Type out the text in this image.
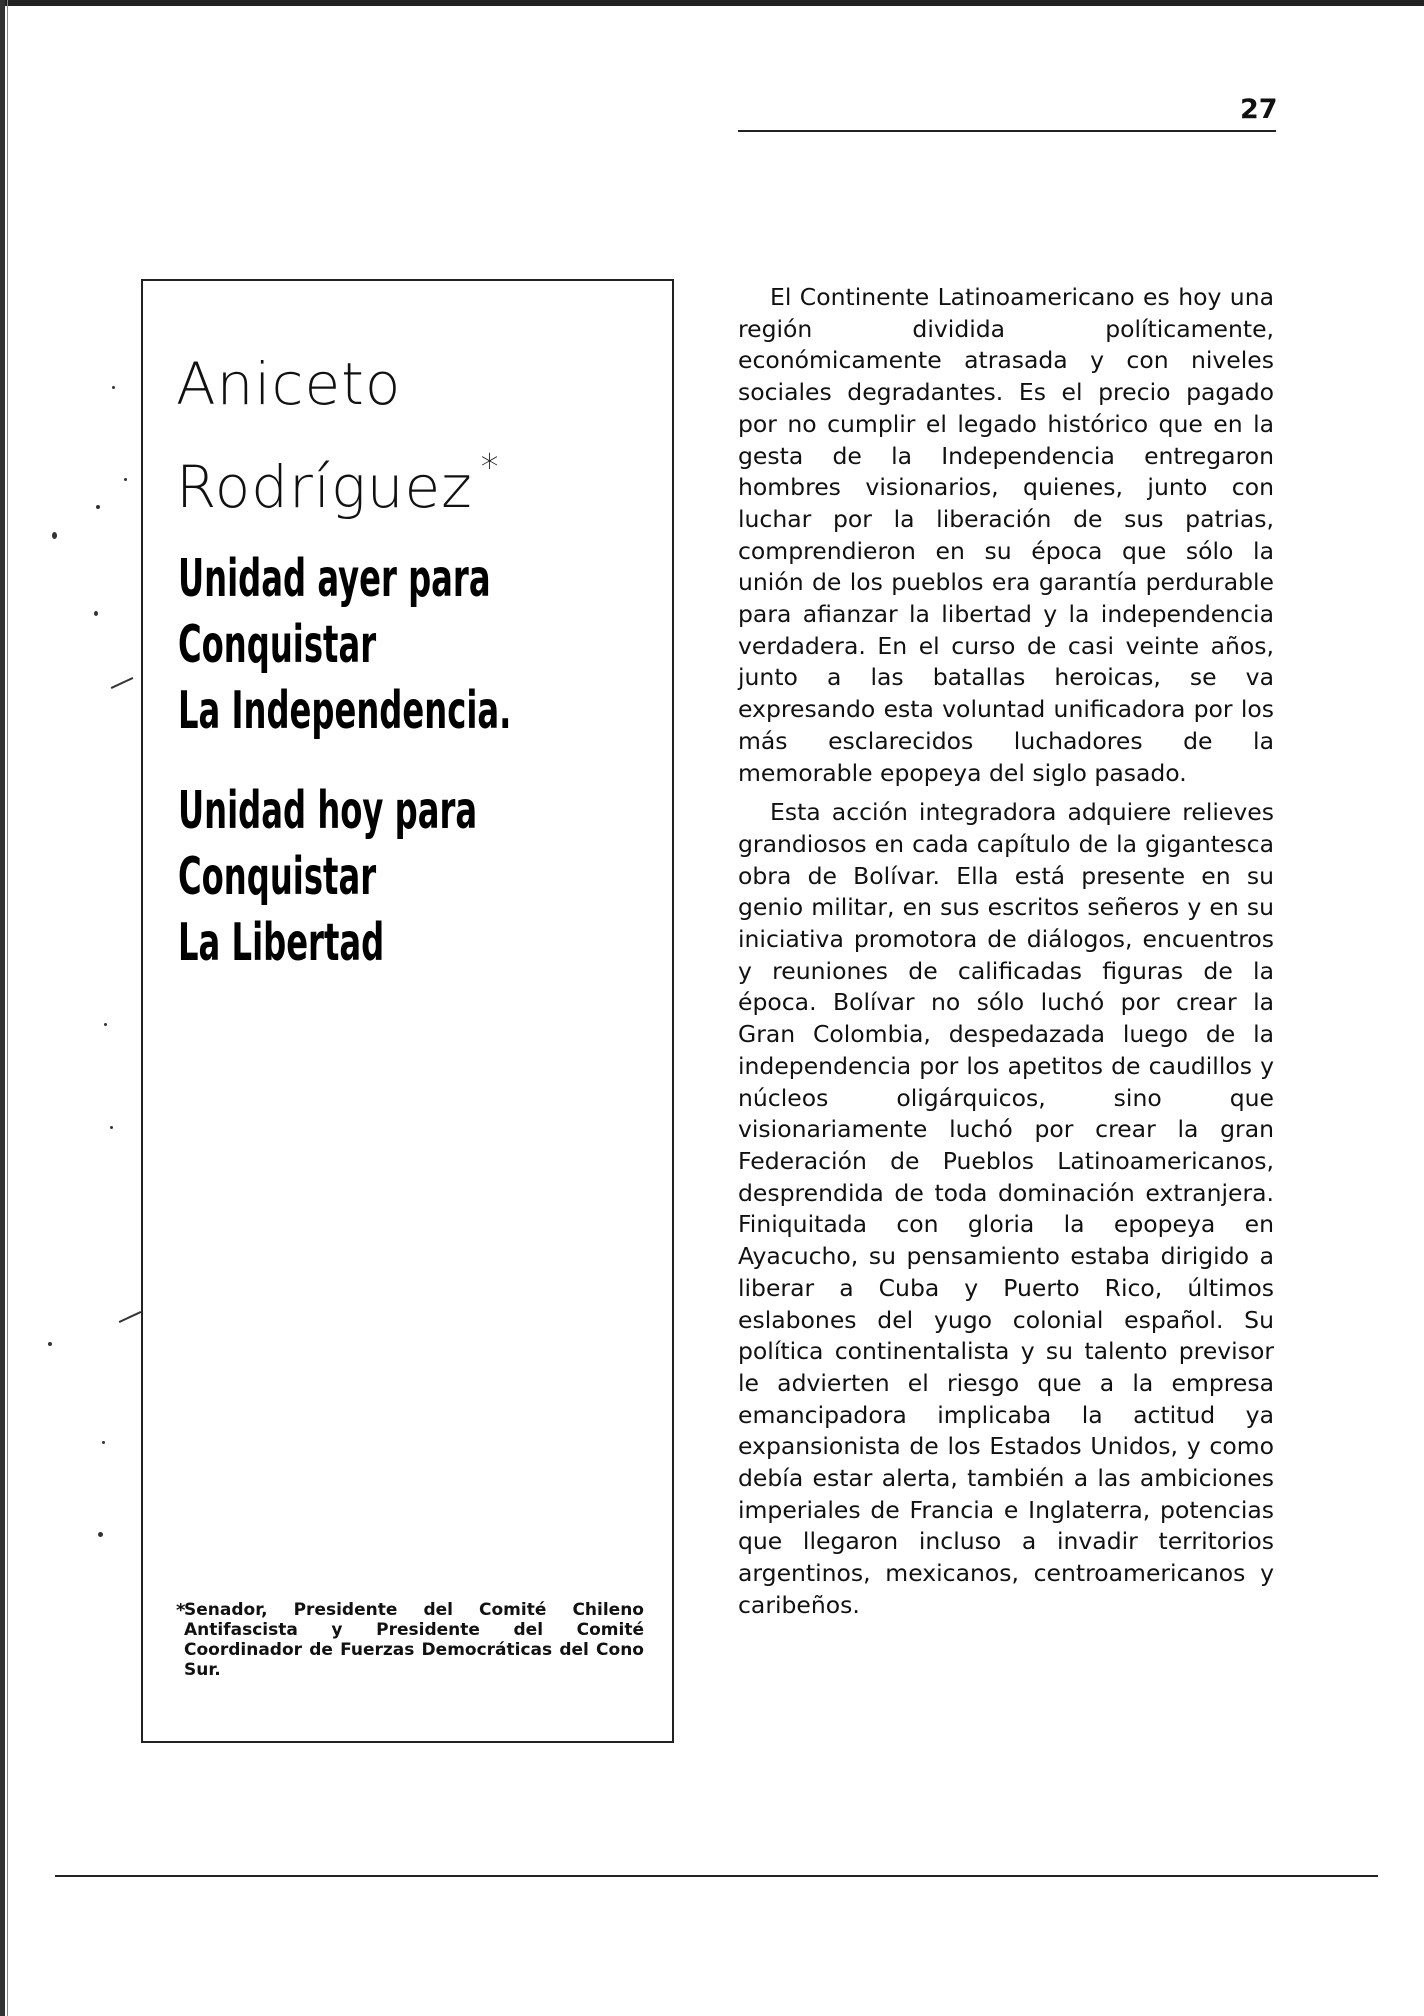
27
Aniceto
Rodríguez *
Unidad ayer para
Conquistar
La Independencia.
Unidad hoy para
Conquistar
La Libertad
*
Senador, Presidente del Comité Chileno Antifascista y Presidente del Comité Coordinador de Fuerzas Democráticas del Cono Sur.

El Continente Latinoamericano es hoy una región dividida políticamente, económicamente atrasada y con niveles sociales degradantes. Es el precio pagado por no cumplir el legado histórico que en la gesta de la Independencia entregaron hombres visionarios, quienes, junto con luchar por la liberación de sus patrias, comprendieron en su época que sólo la unión de los pueblos era garantía perdurable para afianzar la libertad y la independencia verdadera. En el curso de casi veinte años, junto a las batallas heroicas, se va expresando esta voluntad unificadora por los más esclarecidos luchadores de la memorable epopeya del siglo pasado.

Esta acción integradora adquiere relieves grandiosos en cada capítulo de la gigantesca obra de Bolívar. Ella está presente en su genio militar, en sus escritos señeros y en su iniciativa promotora de diálogos, encuentros y reuniones de calificadas figuras de la época. Bolívar no sólo luchó por crear la Gran Colombia, despedazada luego de la independencia por los apetitos de caudillos y núcleos oligárquicos, sino que visionariamente luchó por crear la gran Federación de Pueblos Latinoamericanos, desprendida de toda dominación extranjera. Finiquitada con gloria la epopeya en Ayacucho, su pensamiento estaba dirigido a liberar a Cuba y Puerto Rico, últimos eslabones del yugo colonial español. Su política continentalista y su talento previsor le advierten el riesgo que a la empresa emancipadora implicaba la actitud ya expansionista de los Estados Unidos, y como debía estar alerta, también a las ambiciones imperiales de Francia e Inglaterra, potencias que llegaron incluso a invadir territorios argentinos, mexicanos, centroamericanos y caribeños.
